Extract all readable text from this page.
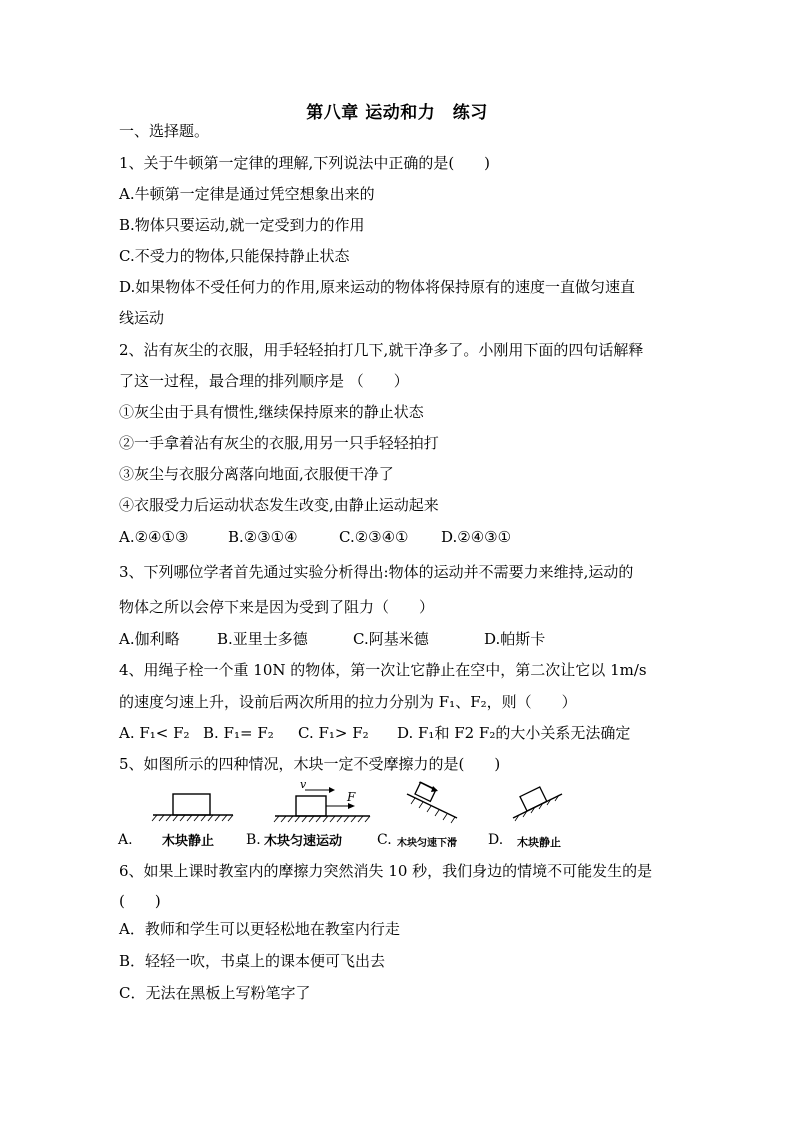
第八章 运动和力　练习
一、选择题。
1、关于牛顿第一定律的理解,下列说法中正确的是(　　)
A.牛顿第一定律是通过凭空想象出来的
B.物体只要运动,就一定受到力的作用
C.不受力的物体,只能保持静止状态
D.如果物体不受任何力的作用,原来运动的物体将保持原有的速度一直做匀速直
线运动
2、沾有灰尘的衣服，用手轻轻拍打几下,就干净多了。小刚用下面的四句话解释
了这一过程，最合理的排列顺序是 （　　）
①灰尘由于具有惯性,继续保持原来的静止状态
②一手拿着沾有灰尘的衣服,用另一只手轻轻拍打
③灰尘与衣服分离落向地面,衣服便干净了
④衣服受力后运动状态发生改变,由静止运动起来
A.②④①③	B.②③①④	C.②③④① D.②④③①
3、下列哪位学者首先通过实验分析得出:物体的运动并不需要力来维持,运动的
物体之所以会停下来是因为受到了阻力（　　）
A.伽利略 B.亚里士多德	C.阿基米德	D.帕斯卡
4、用绳子栓一个重 10N 的物体，第一次让它静止在空中，第二次让它以 1m/s
的速度匀速上升，设前后两次所用的拉力分别为 F₁、F₂，则（　　）
A. F₁< F₂ B. F₁= F₂ C. F₁> F₂ D. F₁和 F2 F₂的大小关系无法确定
5、如图所示的四种情况，木块一定不受摩擦力的是(　　)
v
F
A. 木块静止 B. 木块匀速运动 C. 木块匀速下滑 D. 木块静止
6、如果上课时教室内的摩擦力突然消失 10 秒，我们身边的情境不可能发生的是
(　　)
A．教师和学生可以更轻松地在教室内行走
B．轻轻一吹，书桌上的课本便可飞出去
C．无法在黑板上写粉笔字了
